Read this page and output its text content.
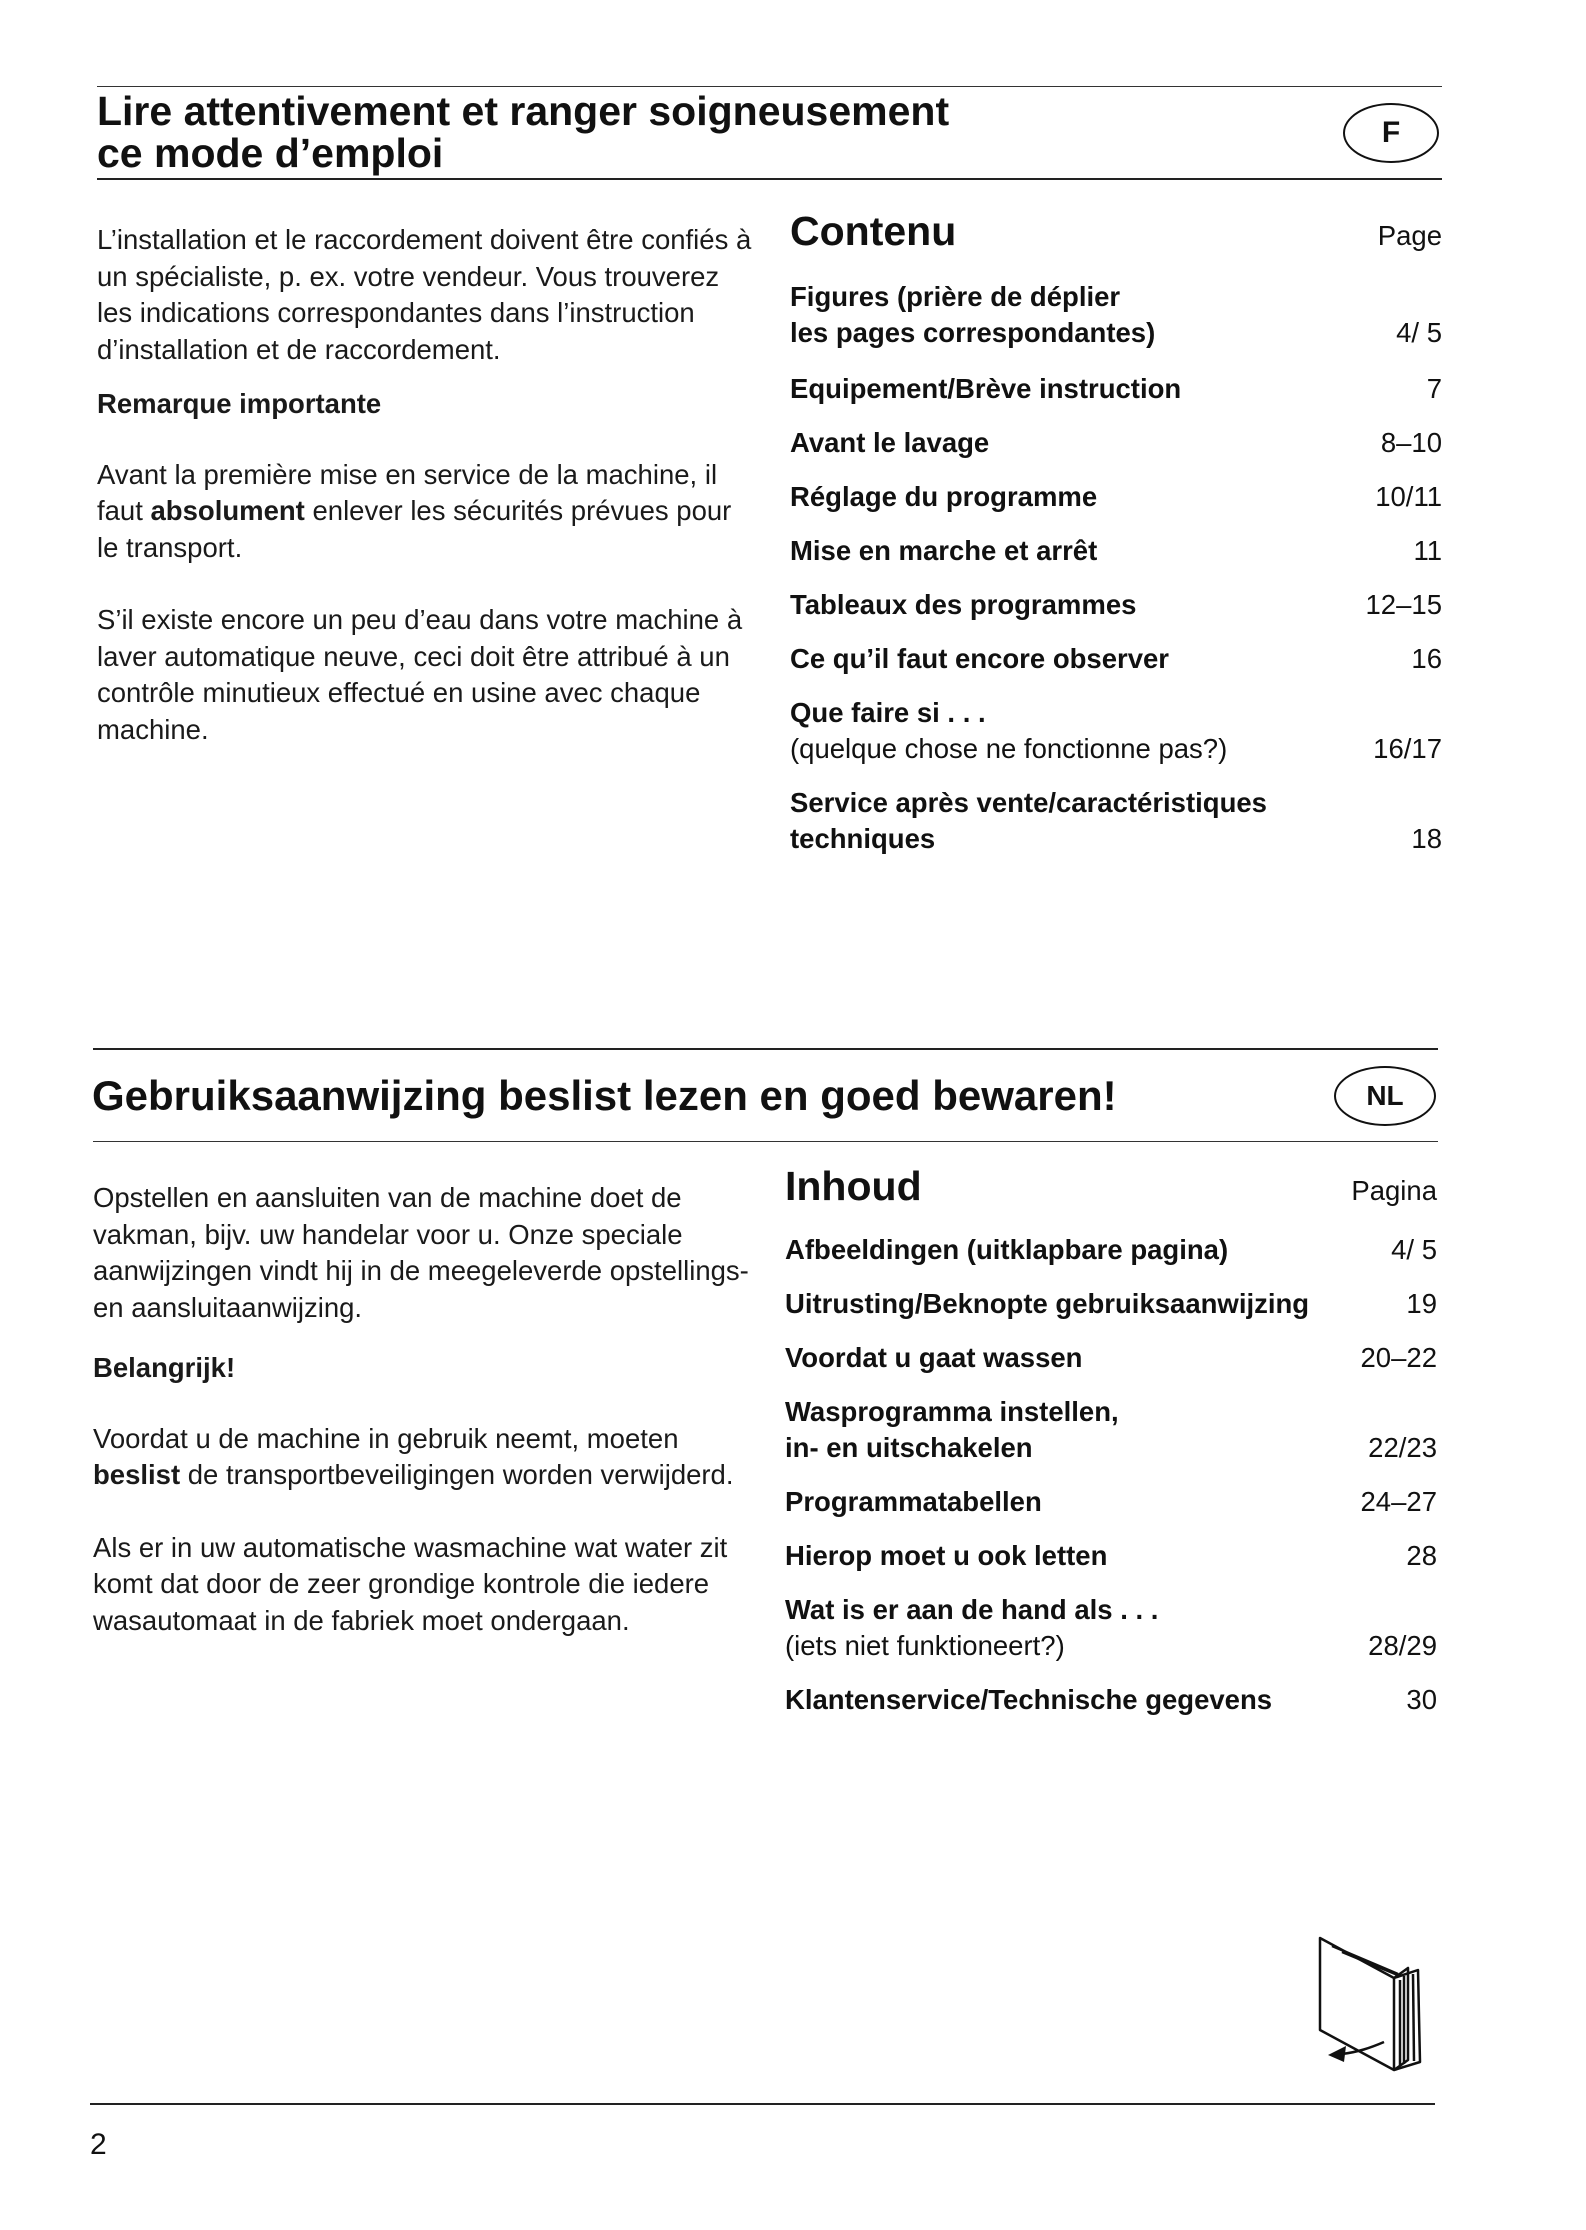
Lire attentivement et ranger soigneusement
ce mode d’emploi	F

L’installation et le raccordement doivent être confiés à un spécialiste, p. ex. votre vendeur. Vous trouverez les indications correspondantes dans l’instruction d’installation et de raccordement.

Remarque importante

Avant la première mise en service de la machine, il faut absolument enlever les sécurités prévues pour le transport.

S’il existe encore un peu d’eau dans votre machine à laver automatique neuve, ceci doit être attribué à un contrôle minutieux effectué en usine avec chaque machine.

Contenu	Page
Figures (prière de déplier
les pages correspondantes)	4/ 5
Equipement/Brève instruction	7
Avant le lavage	8–10
Réglage du programme	10/11
Mise en marche et arrêt	11
Tableaux des programmes	12–15
Ce qu’il faut encore observer	16
Que faire si . . .
(quelque chose ne fonctionne pas?)	16/17
Service après vente/caractéristiques
techniques	18
Gebruiksaanwijzing beslist lezen en goed bewaren!	NL

Opstellen en aansluiten van de machine doet de vakman, bijv. uw handelar voor u. Onze speciale aanwijzingen vindt hij in de meegeleverde opstellings- en aansluitaanwijzing.

Belangrijk!

Voordat u de machine in gebruik neemt, moeten beslist de transportbeveiligingen worden verwijderd.

Als er in uw automatische wasmachine wat water zit komt dat door de zeer grondige kontrole die iedere wasautomaat in de fabriek moet ondergaan.

Inhoud	Pagina
Afbeeldingen (uitklapbare pagina)	4/ 5
Uitrusting/Beknopte gebruiksaanwijzing	19
Voordat u gaat wassen	20–22
Wasprogramma instellen,
in- en uitschakelen	22/23
Programmatabellen	24–27
Hierop moet u ook letten	28
Wat is er aan de hand als . . .
(iets niet funktioneert?)	28/29
Klantenservice/Technische gegevens	30
2
